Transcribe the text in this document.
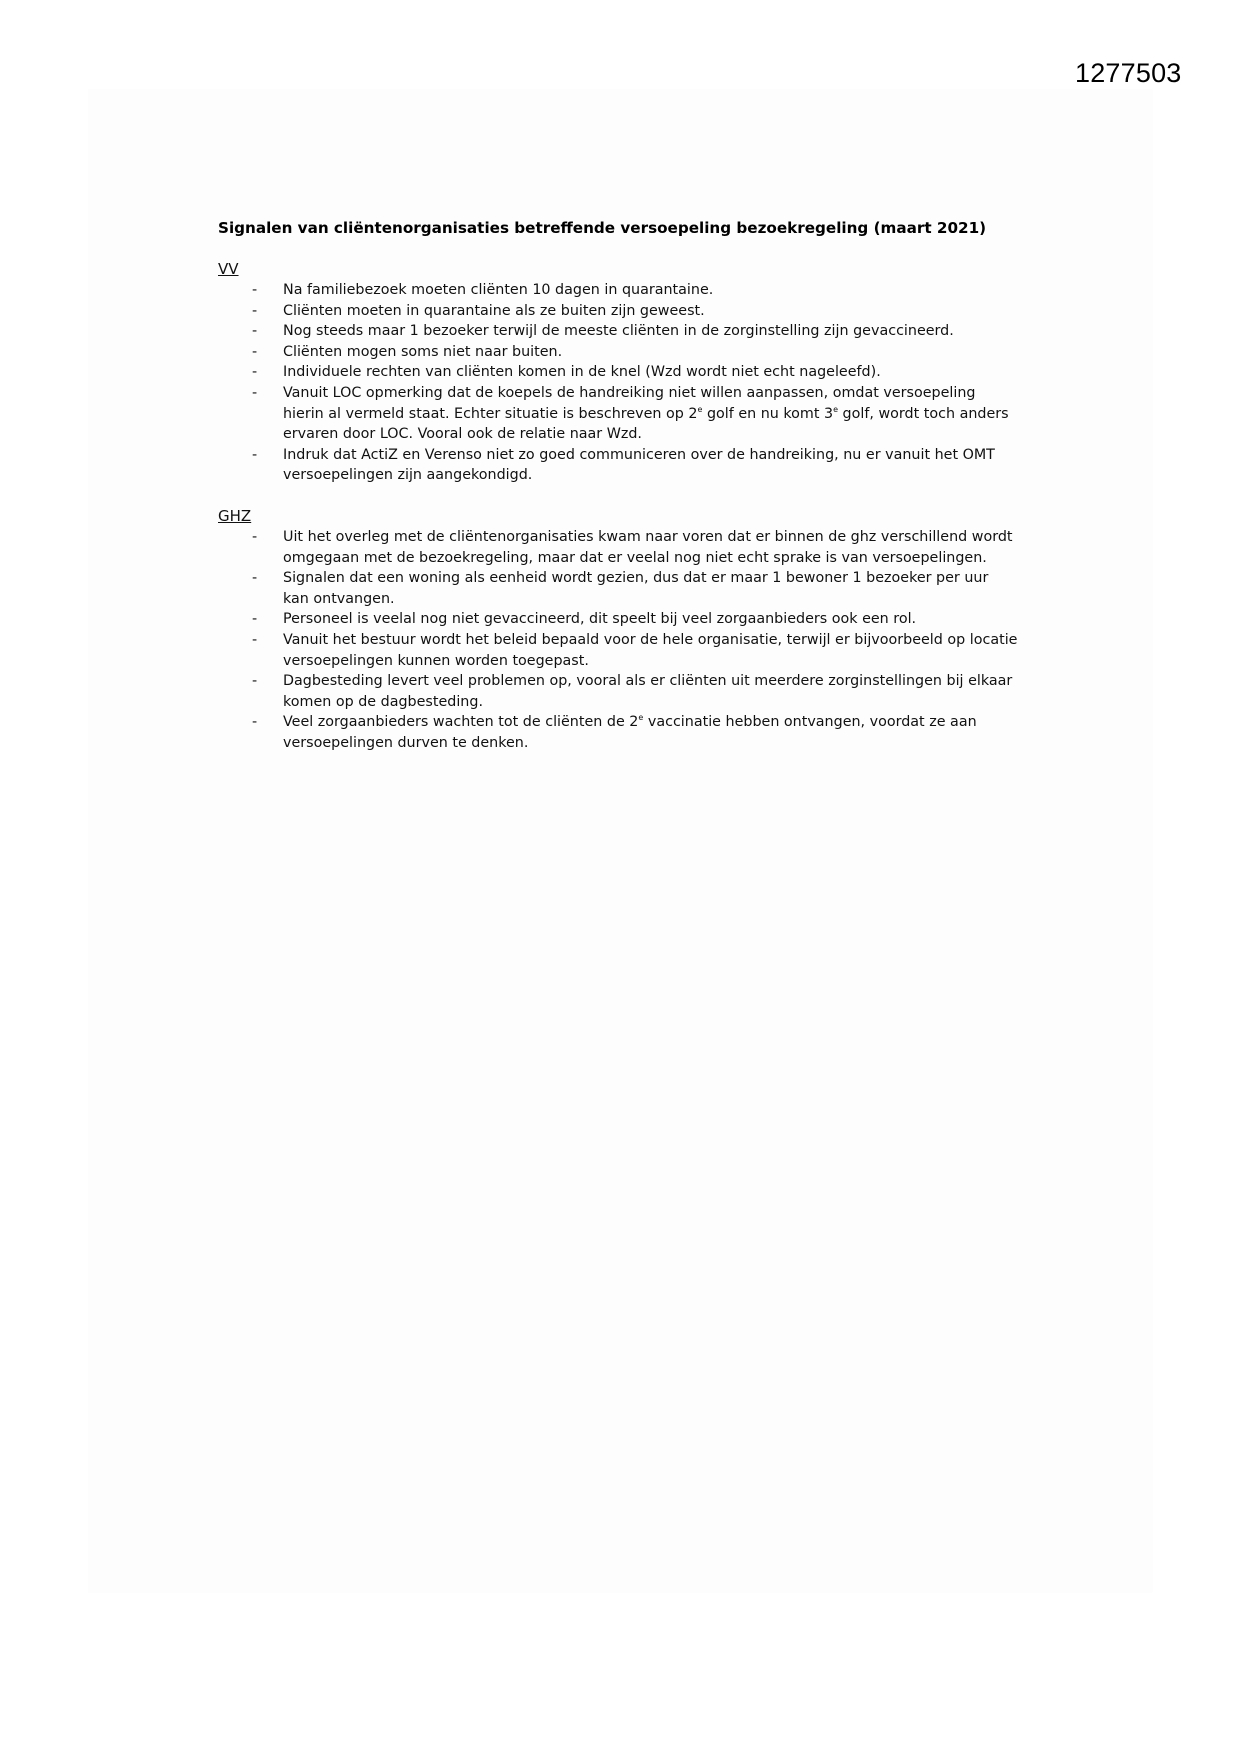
1277503
Signalen van cliëntenorganisaties betreffende versoepeling bezoekregeling (maart 2021)
VV
- Na familiebezoek moeten cliënten 10 dagen in quarantaine.
- Cliënten moeten in quarantaine als ze buiten zijn geweest.
- Nog steeds maar 1 bezoeker terwijl de meeste cliënten in de zorginstelling zijn gevaccineerd.
- Cliënten mogen soms niet naar buiten.
- Individuele rechten van cliënten komen in de knel (Wzd wordt niet echt nageleefd).
- Vanuit LOC opmerking dat de koepels de handreiking niet willen aanpassen, omdat versoepeling hierin al vermeld staat. Echter situatie is beschreven op 2e golf en nu komt 3e golf, wordt toch anders ervaren door LOC. Vooral ook de relatie naar Wzd.
- Indruk dat ActiZ en Verenso niet zo goed communiceren over de handreiking, nu er vanuit het OMT versoepelingen zijn aangekondigd.
GHZ
- Uit het overleg met de cliëntenorganisaties kwam naar voren dat er binnen de ghz verschillend wordt omgegaan met de bezoekregeling, maar dat er veelal nog niet echt sprake is van versoepelingen.
- Signalen dat een woning als eenheid wordt gezien, dus dat er maar 1 bewoner 1 bezoeker per uur kan ontvangen.
- Personeel is veelal nog niet gevaccineerd, dit speelt bij veel zorgaanbieders ook een rol.
- Vanuit het bestuur wordt het beleid bepaald voor de hele organisatie, terwijl er bijvoorbeeld op locatie versoepelingen kunnen worden toegepast.
- Dagbesteding levert veel problemen op, vooral als er cliënten uit meerdere zorginstellingen bij elkaar komen op de dagbesteding.
- Veel zorgaanbieders wachten tot de cliënten de 2e vaccinatie hebben ontvangen, voordat ze aan versoepelingen durven te denken.
